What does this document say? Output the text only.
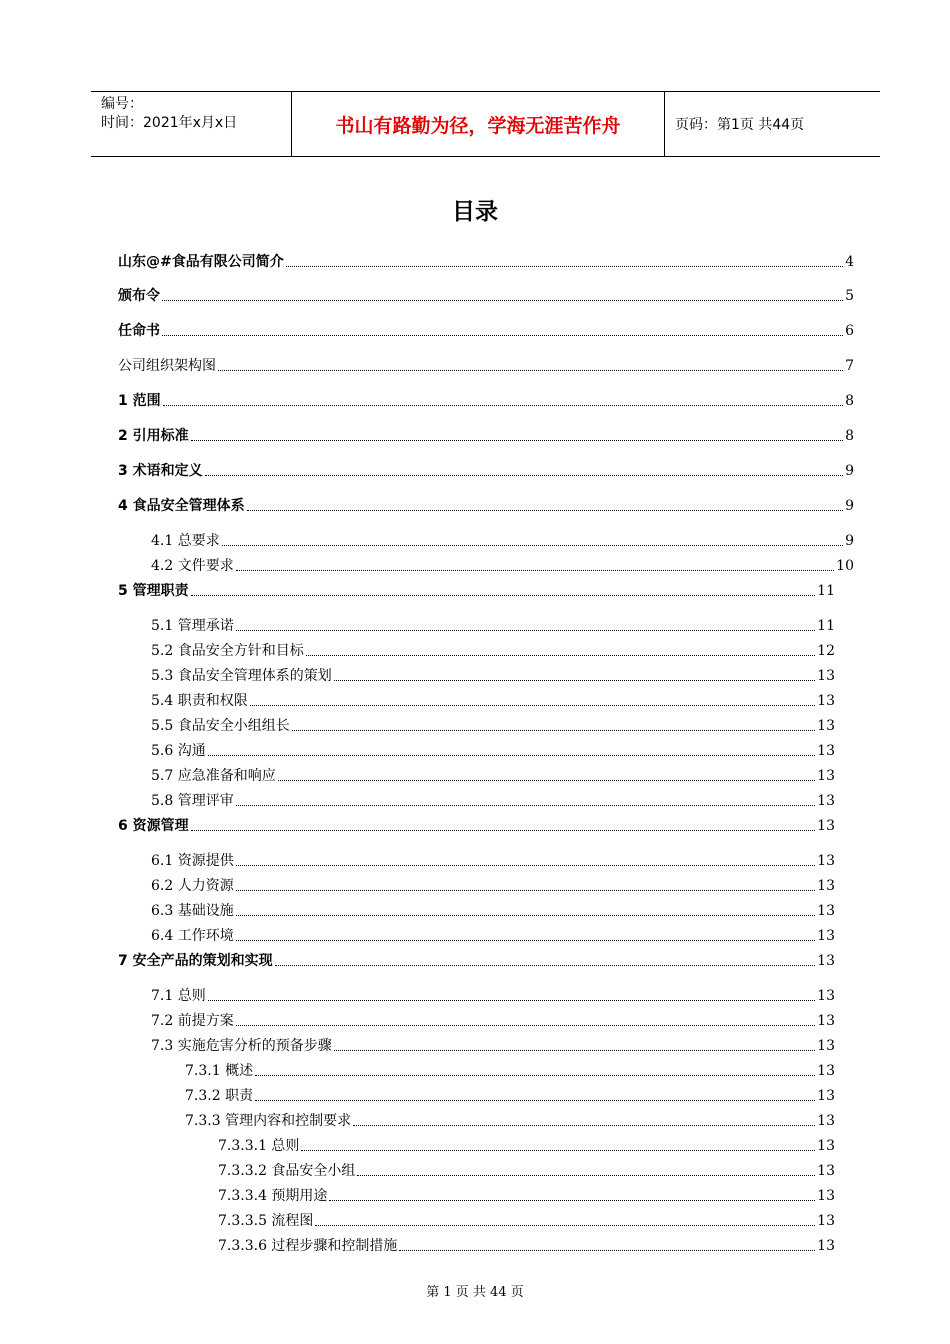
编号：
时间：2021年x月x日	书山有路勤为径，学海无涯苦作舟	页码：第1页 共44页
目录
山东@#食品有限公司简介	4
颁布令	5
任命书	6
公司组织架构图	7
1 范围	8
2 引用标准	8
3 术语和定义	9
4 食品安全管理体系	9
4.1 总要求	9
4.2 文件要求	10
5 管理职责	11
5.1 管理承诺	11
5.2 食品安全方针和目标	12
5.3 食品安全管理体系的策划	13
5.4 职责和权限	13
5.5 食品安全小组组长	13
5.6 沟通	13
5.7 应急准备和响应	13
5.8 管理评审	13
6 资源管理	13
6.1 资源提供	13
6.2 人力资源	13
6.3 基础设施	13
6.4 工作环境	13
7 安全产品的策划和实现	13
7.1 总则	13
7.2 前提方案	13
7.3 实施危害分析的预备步骤	13
7.3.1 概述	13
7.3.2 职责	13
7.3.3 管理内容和控制要求	13
7.3.3.1 总则	13
7.3.3.2 食品安全小组	13
7.3.3.4 预期用途	13
7.3.3.5 流程图	13
7.3.3.6 过程步骤和控制措施	13
第 1 页 共 44 页
